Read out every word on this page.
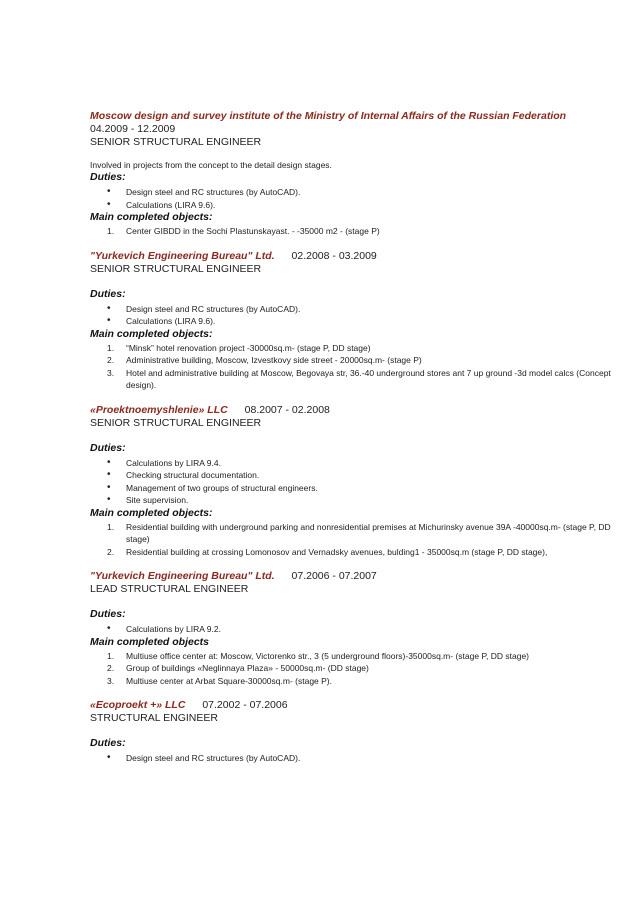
Moscow design and survey institute of the Ministry of Internal Affairs of the Russian Federation
04.2009 - 12.2009
SENIOR STRUCTURAL ENGINEER
Involved in projects from the concept to the detail design stages.
Duties:
• Design steel and RC structures (by AutoCAD).
• Calculations (LIRA 9.6).
Main completed objects:
1. Center GIBDD in the Sochi Plastunskayast. - -35000 m2 - (stage P)
"Yurkevich Engineering Bureau" Ltd. 02.2008 - 03.2009
SENIOR STRUCTURAL ENGINEER
Duties:
• Design steel and RC structures (by AutoCAD).
• Calculations (LIRA 9.6).
Main completed objects:
1. “Minsk” hotel renovation project -30000sq.m- (stage P, DD stage)
2. Administrative building, Moscow, Izvestkovy side street - 20000sq.m- (stage P)
3. Hotel and administrative building at Moscow, Begovaya str, 36.-40 underground stores ant 7 up ground -3d model calcs (Concept design).
«Proektnoemyshlenie» LLC 08.2007 - 02.2008
SENIOR STRUCTURAL ENGINEER
Duties:
• Calculations by LIRA 9.4.
• Checking structural documentation.
• Management of two groups of structural engineers.
• Site supervision.
Main completed objects:
1. Residential building with underground parking and nonresidential premises at Michurinsky avenue 39A -40000sq.m- (stage P, DD stage)
2. Residential building at crossing Lomonosov and Vernadsky avenues, bulding1 - 35000sq.m (stage P, DD stage),
"Yurkevich Engineering Bureau" Ltd. 07.2006 - 07.2007
LEAD STRUCTURAL ENGINEER
Duties:
• Calculations by LIRA 9.2.
Main completed objects
1. Multiuse office center at: Moscow, Victorenko str., 3 (5 underground floors)-35000sq.m- (stage P, DD stage)
2. Group of buildings «Neglinnaya Plaza» - 50000sq.m- (DD stage)
3. Multiuse center at Arbat Square-30000sq.m- (stage P).
«Ecoproekt +» LLC 07.2002 - 07.2006
STRUCTURAL ENGINEER
Duties:
• Design steel and RC structures (by AutoCAD).
